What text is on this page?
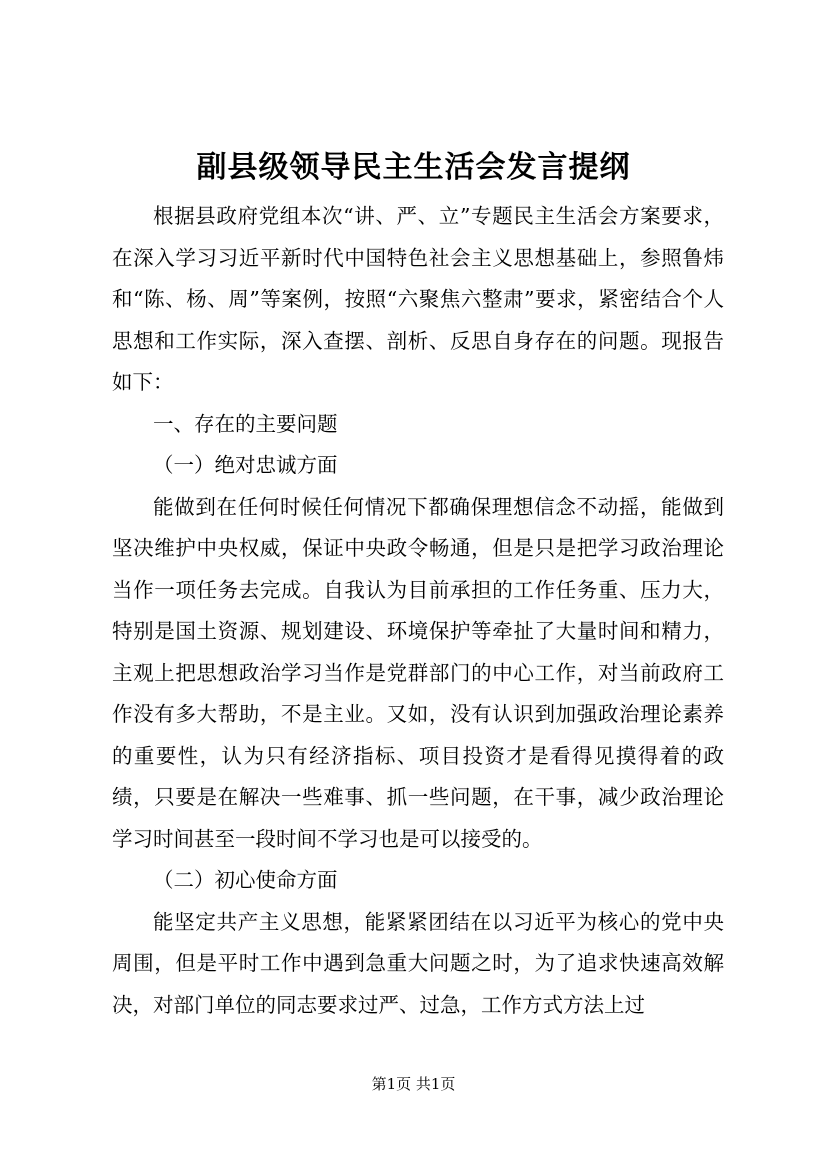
副县级领导民主生活会发言提纲

根据县政府党组本次“讲、严、立”专题民主生活会方案要求，在深入学习习近平新时代中国特色社会主义思想基础上，参照鲁炜和“陈、杨、周”等案例，按照“六聚焦六整肃”要求，紧密结合个人思想和工作实际，深入查摆、剖析、反思自身存在的问题。现报告如下：

一、存在的主要问题

（一）绝对忠诚方面

能做到在任何时候任何情况下都确保理想信念不动摇，能做到坚决维护中央权威，保证中央政令畅通，但是只是把学习政治理论当作一项任务去完成。自我认为目前承担的工作任务重、压力大，特别是国土资源、规划建设、环境保护等牵扯了大量时间和精力，主观上把思想政治学习当作是党群部门的中心工作，对当前政府工作没有多大帮助，不是主业。又如，没有认识到加强政治理论素养的重要性，认为只有经济指标、项目投资才是看得见摸得着的政绩，只要是在解决一些难事、抓一些问题，在干事，减少政治理论学习时间甚至一段时间不学习也是可以接受的。

（二）初心使命方面

能坚定共产主义思想，能紧紧团结在以习近平为核心的党中央周围，但是平时工作中遇到急重大问题之时，为了追求快速高效解决，对部门单位的同志要求过严、过急，工作方式方法上过

第1页 共1页
